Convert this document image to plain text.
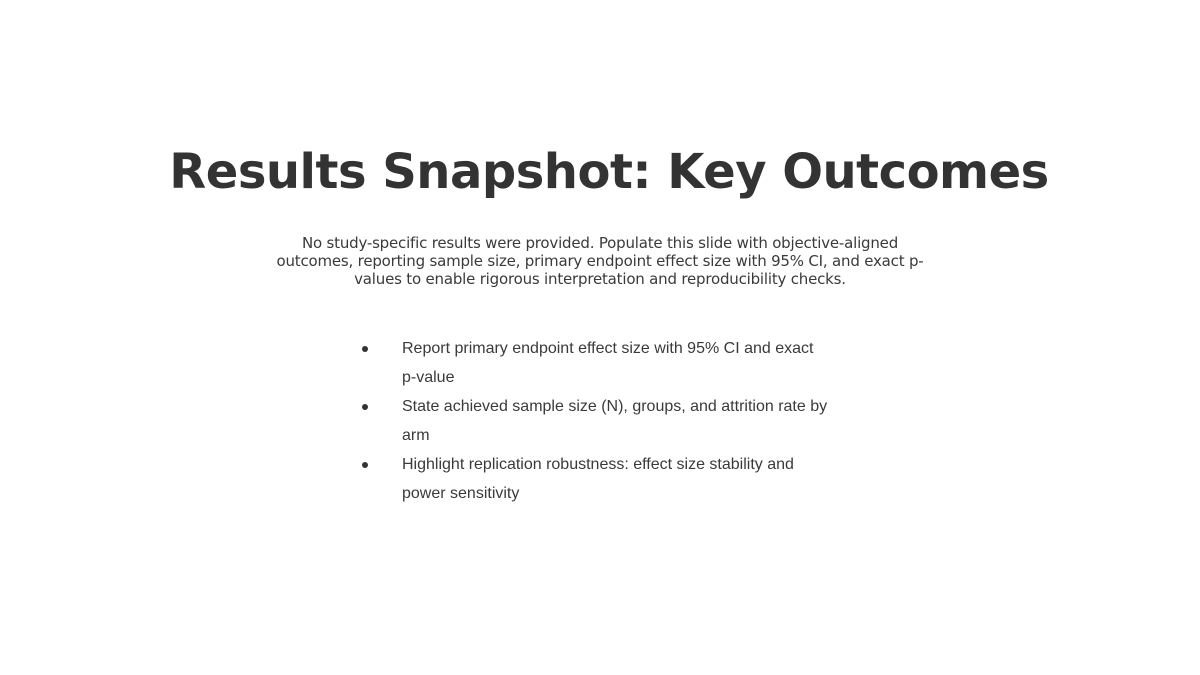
Results Snapshot: Key Outcomes

No study-specific results were provided. Populate this slide with objective-aligned outcomes, reporting sample size, primary endpoint effect size with 95% CI, and exact p-values to enable rigorous interpretation and reproducibility checks.

Report primary endpoint effect size with 95% CI and exact p-value
State achieved sample size (N), groups, and attrition rate by arm
Highlight replication robustness: effect size stability and power sensitivity
